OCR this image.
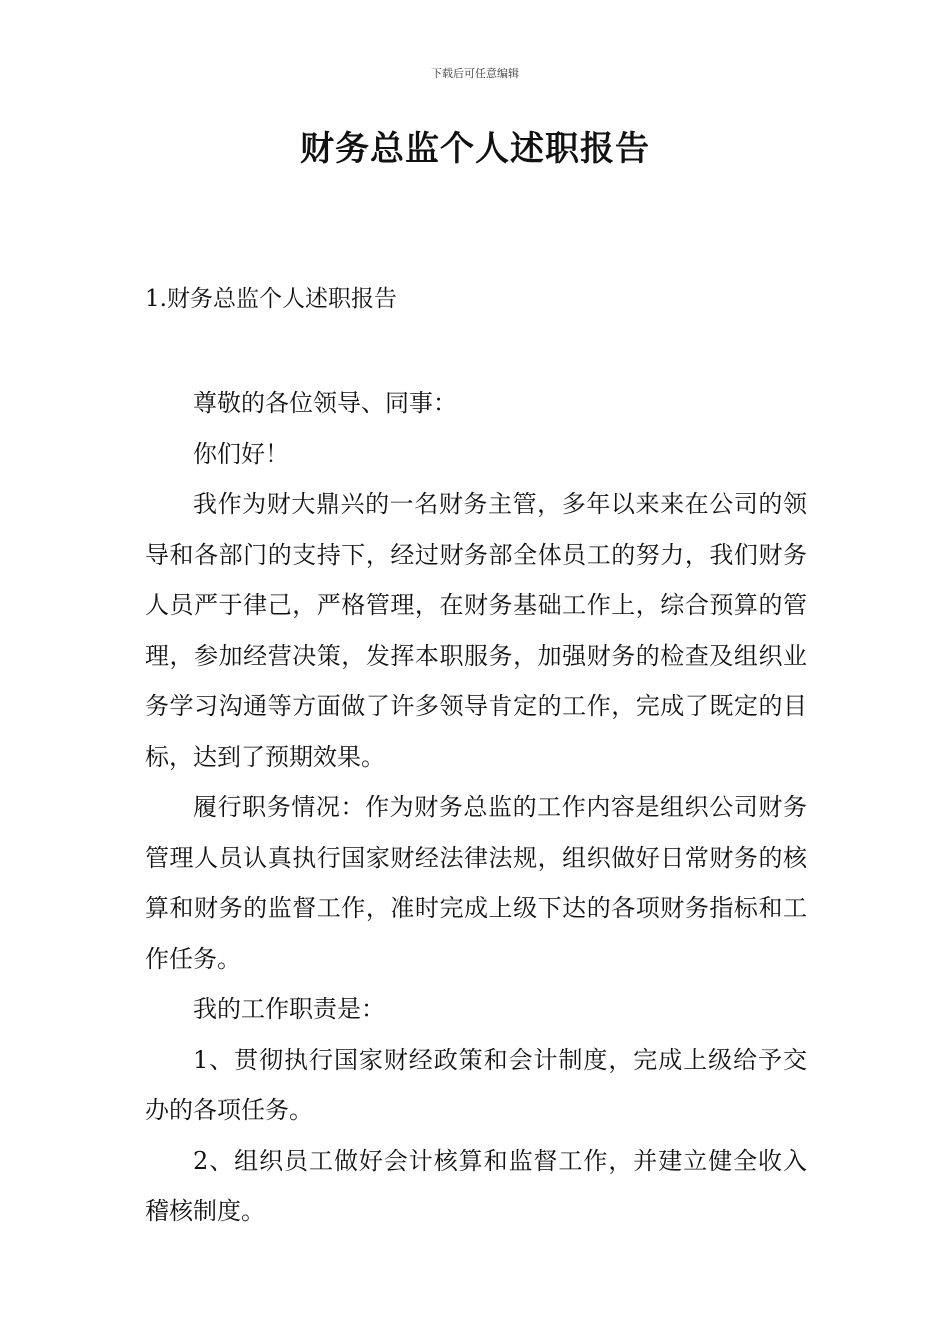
下载后可任意编辑
财务总监个人述职报告
1.财务总监个人述职报告

尊敬的各位领导、同事：

你们好！

我作为财大鼎兴的一名财务主管，多年以来来在公司的领导和各部门的支持下，经过财务部全体员工的努力，我们财务人员严于律己，严格管理，在财务基础工作上，综合预算的管理，参加经营决策，发挥本职服务，加强财务的检查及组织业务学习沟通等方面做了许多领导肯定的工作，完成了既定的目标，达到了预期效果。

履行职务情况：作为财务总监的工作内容是组织公司财务管理人员认真执行国家财经法律法规，组织做好日常财务的核算和财务的监督工作，准时完成上级下达的各项财务指标和工作任务。

我的工作职责是：

1、贯彻执行国家财经政策和会计制度，完成上级给予交办的各项任务。

2、组织员工做好会计核算和监督工作，并建立健全收入稽核制度。
